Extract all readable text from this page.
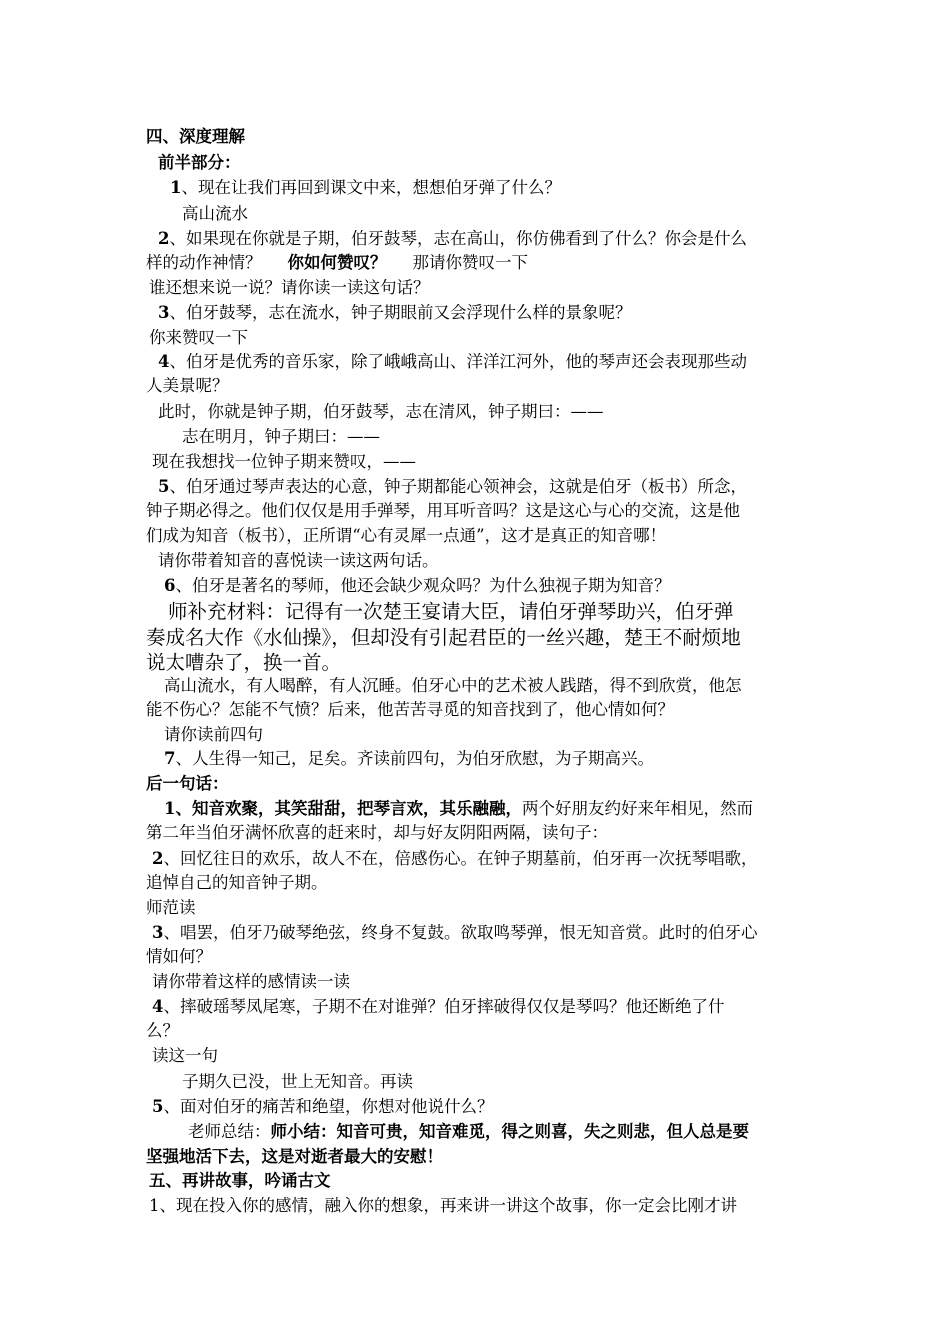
四、深度理解
前半部分：
1、现在让我们再回到课文中来，想想伯牙弹了什么？
高山流水
2、如果现在你就是子期，伯牙鼓琴，志在高山，你仿佛看到了什么？你会是什么
样的动作神情？ 你如何赞叹？ 那请你赞叹一下
谁还想来说一说？请你读一读这句话？
3、伯牙鼓琴，志在流水，钟子期眼前又会浮现什么样的景象呢？
你来赞叹一下
4、伯牙是优秀的音乐家，除了峨峨高山、洋洋江河外，他的琴声还会表现那些动
人美景呢？
此时，你就是钟子期，伯牙鼓琴，志在清风，钟子期曰：——
志在明月，钟子期曰：——
现在我想找一位钟子期来赞叹，——
5、伯牙通过琴声表达的心意，钟子期都能心领神会，这就是伯牙（板书）所念，
钟子期必得之。他们仅仅是用手弹琴，用耳听音吗？这是这心与心的交流，这是他
们成为知音（板书），正所谓“心有灵犀一点通”，这才是真正的知音哪！
请你带着知音的喜悦读一读这两句话。
6、伯牙是著名的琴师，他还会缺少观众吗？为什么独视子期为知音？
师补充材料：记得有一次楚王宴请大臣，请伯牙弹琴助兴，伯牙弹
奏成名大作《水仙操》，但却没有引起君臣的一丝兴趣，楚王不耐烦地
说太嘈杂了，换一首。
高山流水，有人喝醉，有人沉睡。伯牙心中的艺术被人践踏，得不到欣赏，他怎
能不伤心？怎能不气愤？后来，他苦苦寻觅的知音找到了，他心情如何？
请你读前四句
7、人生得一知己，足矣。齐读前四句，为伯牙欣慰，为子期高兴。
后一句话：
1、知音欢聚，其笑甜甜，把琴言欢，其乐融融，两个好朋友约好来年相见，然而
第二年当伯牙满怀欣喜的赶来时，却与好友阴阳两隔，读句子：
2、回忆往日的欢乐，故人不在，倍感伤心。在钟子期墓前，伯牙再一次抚琴唱歌，
追悼自己的知音钟子期。
师范读
3、唱罢，伯牙乃破琴绝弦，终身不复鼓。欲取鸣琴弹，恨无知音赏。此时的伯牙心
情如何？
请你带着这样的感情读一读
4、摔破瑶琴凤尾寒，子期不在对谁弹？伯牙摔破得仅仅是琴吗？他还断绝了什
么？
读这一句
子期久已没，世上无知音。再读
5、面对伯牙的痛苦和绝望，你想对他说什么？
老师总结：师小结：知音可贵，知音难觅，得之则喜，失之则悲，但人总是要
坚强地活下去，这是对逝者最大的安慰！
五、再讲故事，吟诵古文
1、现在投入你的感情，融入你的想象，再来讲一讲这个故事，你一定会比刚才讲
